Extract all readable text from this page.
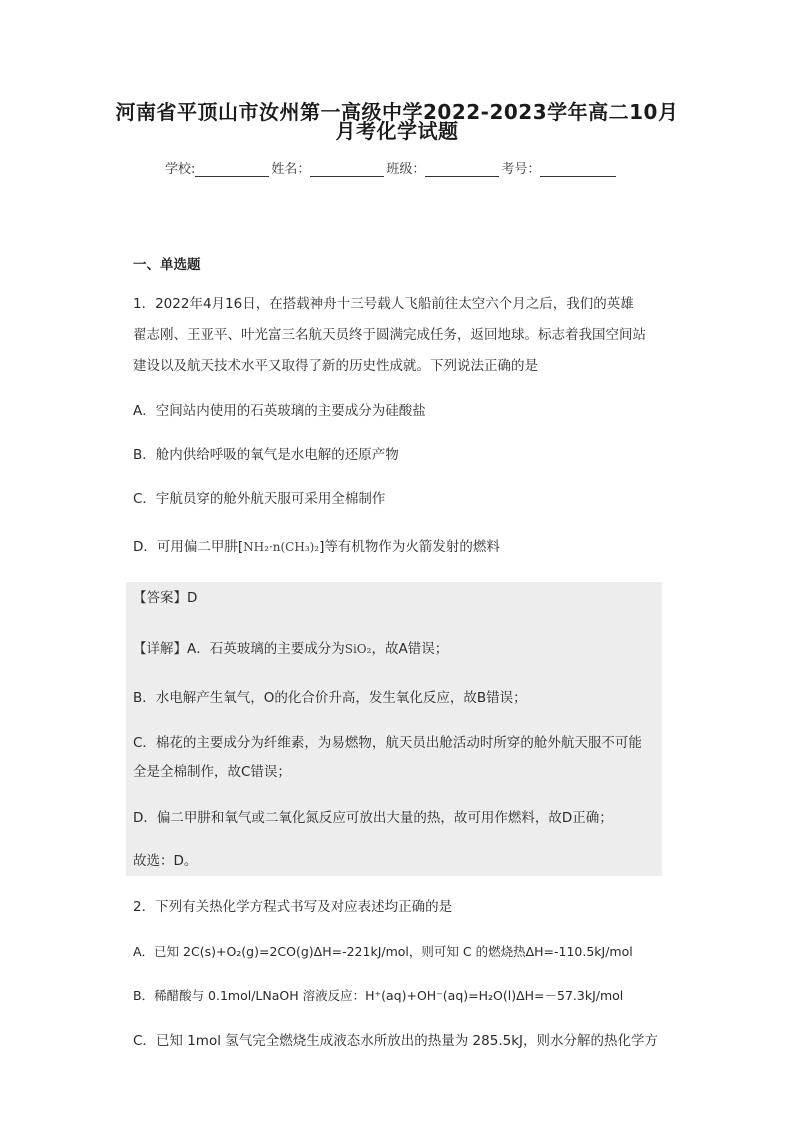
河南省平顶山市汝州第一高级中学2022-2023学年高二10月
月考化学试题
学校:	姓名：	班级：	考号：
一、单选题
1．2022年4月16日，在搭载神舟十三号载人飞船前往太空六个月之后，我们的英雄
翟志刚、王亚平、叶光富三名航天员终于圆满完成任务，返回地球。标志着我国空间站
建设以及航天技术水平又取得了新的历史性成就。下列说法正确的是
A．空间站内使用的石英玻璃的主要成分为硅酸盐
B．舱内供给呼吸的氧气是水电解的还原产物
C．宇航员穿的舱外航天服可采用全棉制作
D．可用偏二甲肼[NH₂·n(CH₃)₂]等有机物作为火箭发射的燃料
【答案】D
【详解】A．石英玻璃的主要成分为SiO₂，故A错误；
B．水电解产生氧气，O的化合价升高，发生氧化反应，故B错误；
C．棉花的主要成分为纤维素，为易燃物，航天员出舱活动时所穿的舱外航天服不可能
全是全棉制作，故C错误；
D．偏二甲肼和氧气或二氧化氮反应可放出大量的热，故可用作燃料，故D正确；
故选：D。
2．下列有关热化学方程式书写及对应表述均正确的是
A．已知 2C(s)+O₂(g)=2CO(g)ΔH=-221kJ/mol，则可知 C 的燃烧热ΔH=-110.5kJ/mol
B．稀醋酸与 0.1mol/LNaOH 溶液反应：H⁺(aq)+OH⁻(aq)=H₂O(l)ΔH=－57.3kJ/mol
C．已知 1mol 氢气完全燃烧生成液态水所放出的热量为 285.5kJ，则水分解的热化学方
